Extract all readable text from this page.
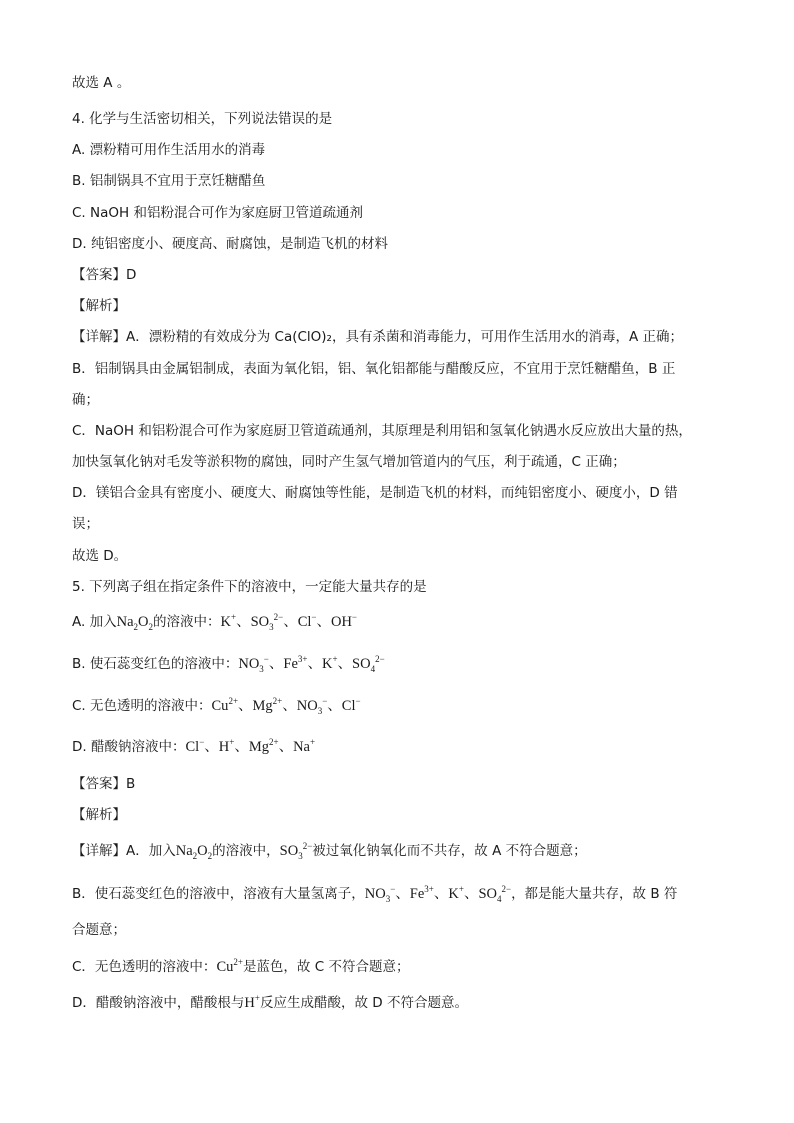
故选 A 。
4. 化学与生活密切相关，下列说法错误的是
A. 漂粉精可用作生活用水的消毒
B. 铝制锅具不宜用于烹饪糖醋鱼
C. NaOH 和铝粉混合可作为家庭厨卫管道疏通剂
D. 纯铝密度小、硬度高、耐腐蚀，是制造飞机的材料
【答案】D
【解析】
【详解】A．漂粉精的有效成分为 Ca(ClO)₂，具有杀菌和消毒能力，可用作生活用水的消毒，A 正确；
B．铝制锅具由金属铝制成，表面为氧化铝，铝、氧化铝都能与醋酸反应，不宜用于烹饪糖醋鱼，B 正
确；
C．NaOH 和铝粉混合可作为家庭厨卫管道疏通剂，其原理是利用铝和氢氧化钠遇水反应放出大量的热，
加快氢氧化钠对毛发等淤积物的腐蚀，同时产生氢气增加管道内的气压，利于疏通，C 正确；
D．镁铝合金具有密度小、硬度大、耐腐蚀等性能，是制造飞机的材料，而纯铝密度小、硬度小，D 错
误；
故选 D。
5. 下列离子组在指定条件下的溶液中，一定能大量共存的是
A. 加入$Na_2O_2$的溶液中：K+、$SO_3^{2-}$、Cl−、OH−
B. 使石蕊变红色的溶液中：$NO_3^-$、$Fe^{3+}$、K+、$SO_4^{2-}$
C. 无色透明的溶液中：$Cu^{2+}$、$Mg^{2+}$、$NO_3^-$、Cl−
D. 醋酸钠溶液中：Cl−、H+、$Mg^{2+}$、Na+
【答案】B
【解析】
【详解】A．加入$Na_2O_2$的溶液中，$SO_3^{2-}$被过氧化钠氧化而不共存，故 A 不符合题意；
B．使石蕊变红色的溶液中，溶液有大量氢离子，$NO_3^-$、$Fe^{3+}$、K+、$SO_4^{2-}$，都是能大量共存，故 B 符
合题意；
C．无色透明的溶液中：$Cu^{2+}$是蓝色，故 C 不符合题意；
D．醋酸钠溶液中，醋酸根与H+反应生成醋酸，故 D 不符合题意。
